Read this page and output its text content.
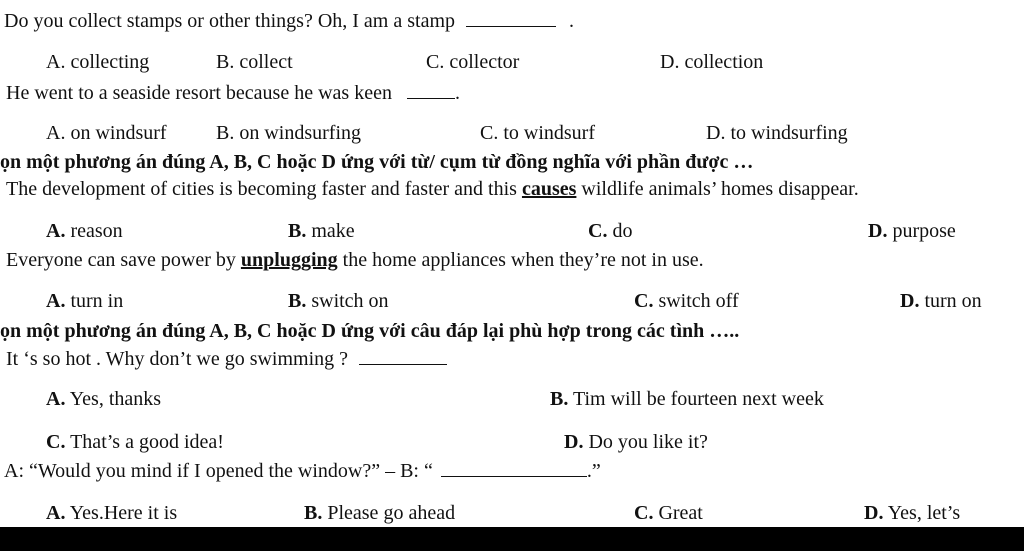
Do you collect stamps or other things? Oh, I am a stamp	.
A. collecting	B. collect	C. collector	D. collection
He went to a seaside resort because he was keen	.
A. on windsurf B. on windsurfing	C. to windsurf	D. to windsurfing
ọn một phương án đúng A, B, C hoặc D ứng với từ/ cụm từ đồng nghĩa với phần được …
The development of cities is becoming faster and faster and this causes wildlife animals’ homes disappear.
A. reason	B. make	C. do	D. purpose
Everyone can save power by unplugging the home appliances when they’re not in use.
A. turn in	B. switch on	C. switch off	D. turn on
ọn một phương án đúng A, B, C hoặc D ứng với câu đáp lại phù hợp trong các tình …..
It ‘s so hot . Why don’t we go swimming ?
A. Yes, thanks	B. Tim will be fourteen next week
C. That’s a good idea!	D. Do you like it?
A: “Would you mind if I opened the window?” – B: “	.”
A. Yes.Here it is	B. Please go ahead	C. Great	D. Yes, let’s
